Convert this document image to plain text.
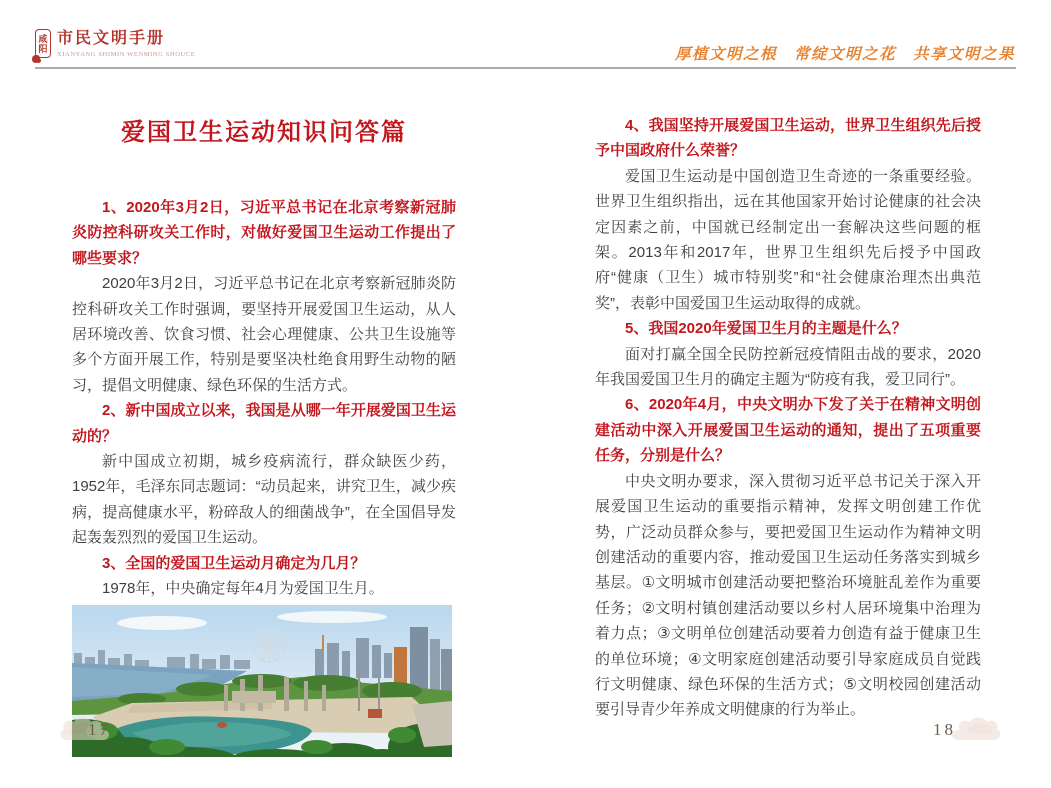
咸
阳
市民文明手册
XIANYANG SHIMIN WENMING SHOUCE	厚植文明之根　常绽文明之花　共享文明之果
爱国卫生运动知识问答篇

1、2020年3月2日，习近平总书记在北京考察新冠肺炎防控科研攻关工作时，对做好爱国卫生运动工作提出了哪些要求？

2020年3月2日，习近平总书记在北京考察新冠肺炎防控科研攻关工作时强调，要坚持开展爱国卫生运动，从人居环境改善、饮食习惯、社会心理健康、公共卫生设施等多个方面开展工作，特别是要坚决杜绝食用野生动物的陋习，提倡文明健康、绿色环保的生活方式。

2、新中国成立以来，我国是从哪一年开展爱国卫生运动的？

新中国成立初期，城乡疫病流行，群众缺医少药，1952年，毛泽东同志题词：“动员起来，讲究卫生，减少疾病，提高健康水平，粉碎敌人的细菌战争”，在全国倡导发起轰轰烈烈的爱国卫生运动。

3、全国的爱国卫生运动月确定为几月？

1978年，中央确定每年4月为爱国卫生月。

4、我国坚持开展爱国卫生运动，世界卫生组织先后授予中国政府什么荣誉？

爱国卫生运动是中国创造卫生奇迹的一条重要经验。世界卫生组织指出，远在其他国家开始讨论健康的社会决定因素之前，中国就已经制定出一套解决这些问题的框架。2013年和2017年，世界卫生组织先后授予中国政府“健康（卫生）城市特别奖”和“社会健康治理杰出典范奖”，表彰中国爱国卫生运动取得的成就。

5、我国2020年爱国卫生月的主题是什么？

面对打赢全国全民防控新冠疫情阻击战的要求，2020年我国爱国卫生月的确定主题为“防疫有我，爱卫同行”。

6、2020年4月，中央文明办下发了关于在精神文明创建活动中深入开展爱国卫生运动的通知，提出了五项重要任务，分别是什么？

中央文明办要求，深入贯彻习近平总书记关于深入开展爱国卫生运动的重要指示精神，发挥文明创建工作优势，广泛动员群众参与，要把爱国卫生运动作为精神文明创建活动的重要内容，推动爱国卫生运动任务落实到城乡基层。①文明城市创建活动要把整治环境脏乱差作为重要任务；②文明村镇创建活动要以乡村人居环境集中治理为着力点；③文明单位创建活动要着力创造有益于健康卫生的单位环境；④文明家庭创建活动要引导家庭成员自觉践行文明健康、绿色环保的生活方式；⑤文明校园创建活动要引导青少年养成文明健康的行为举止。

17	18
